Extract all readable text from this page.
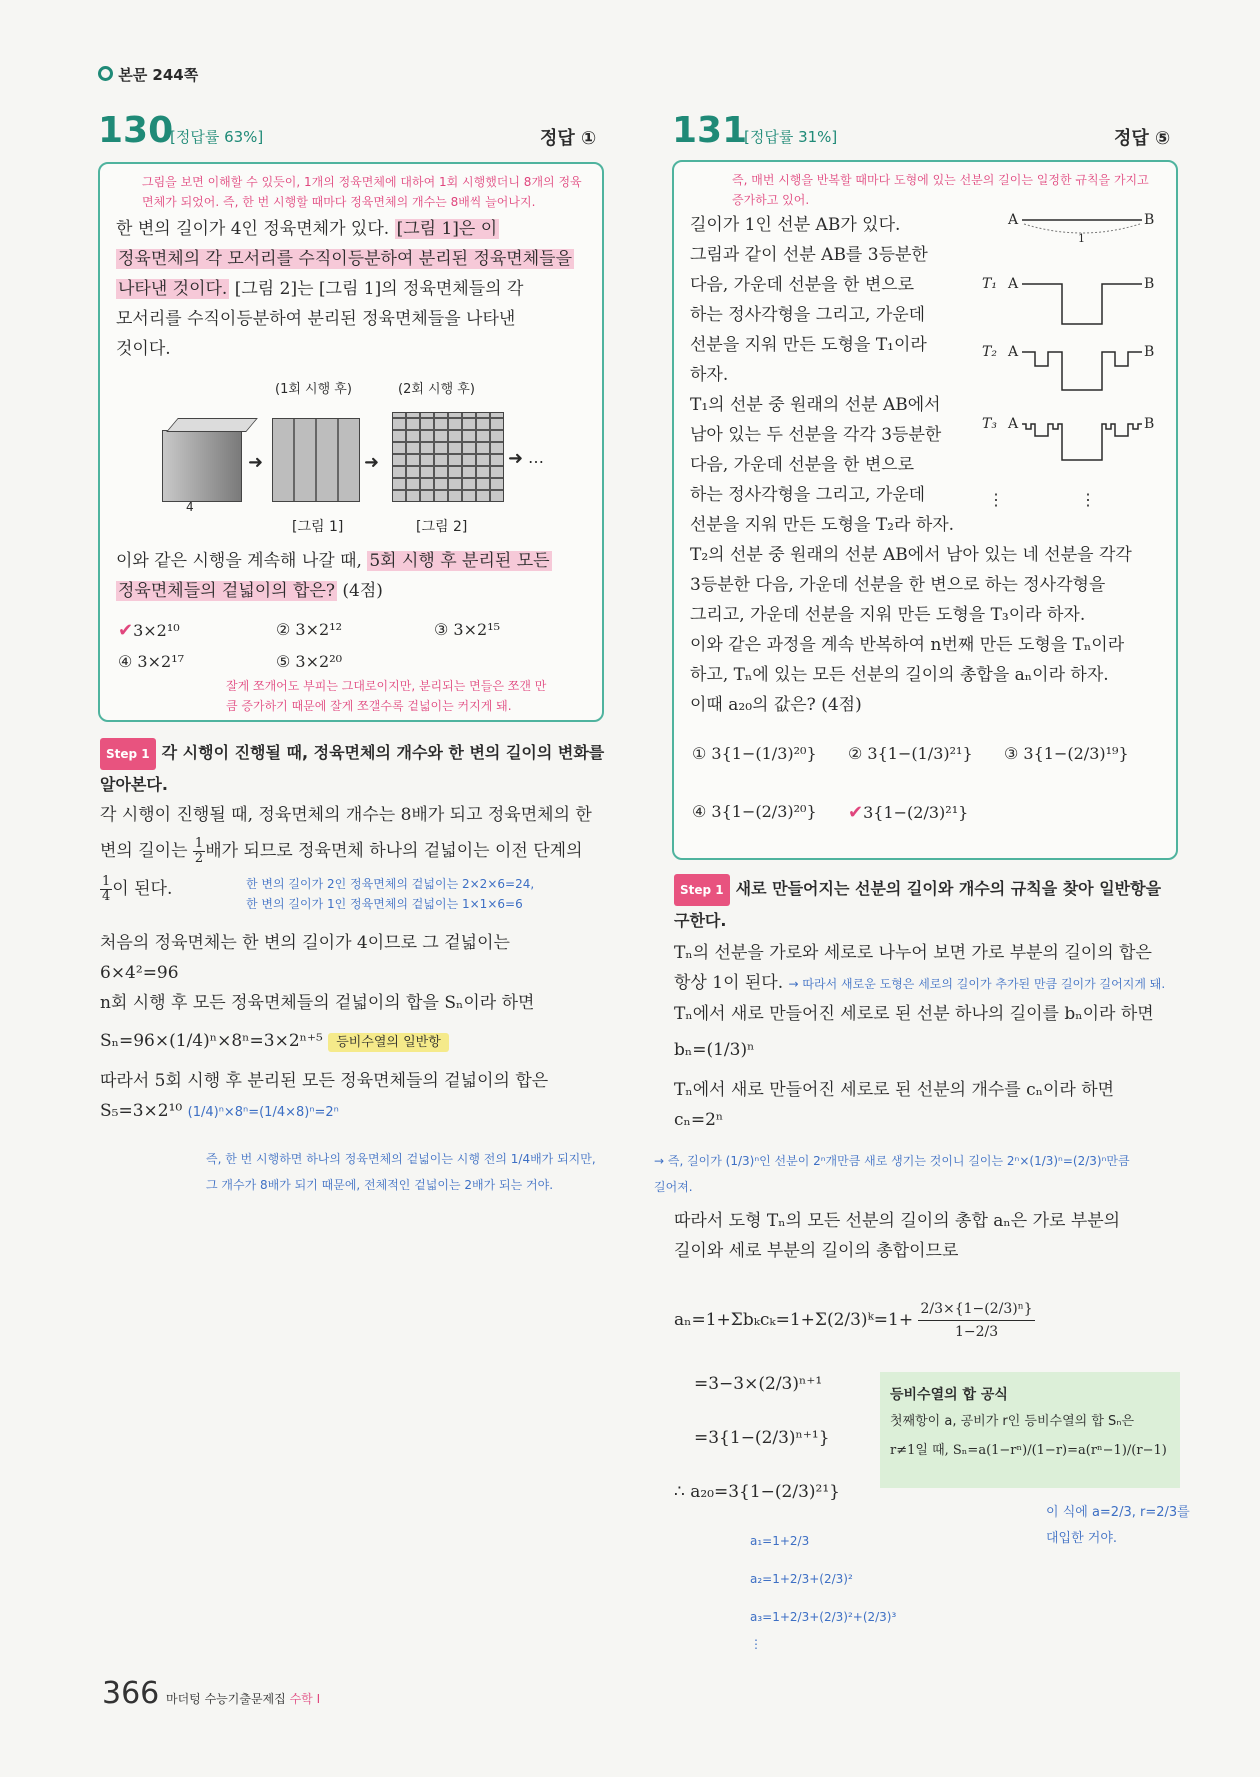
본문 244쪽
130
[정답률 63%]	정답 ①
그림을 보면 이해할 수 있듯이, 1개의 정육면체에 대하여 1회 시행했더니 8개의 정육면체가 되었어. 즉, 한 번 시행할 때마다 정육면체의 개수는 8배씩 늘어나지.
한 변의 길이가 4인 정육면체가 있다. [그림 1]은 이
정육면체의 각 모서리를 수직이등분하여 분리된 정육면체들을
나타낸 것이다. [그림 2]는 [그림 1]의 정육면체들의 각
모서리를 수직이등분하여 분리된 정육면체들을 나타낸
것이다.
(1회 시행 후)	(2회 시행 후)
4
➜	➜	➜ …
[그림 1]	[그림 2]
이와 같은 시행을 계속해 나갈 때, 5회 시행 후 분리된 모든
정육면체들의 겉넓이의 합은? (4점)
✔3×2¹⁰	② 3×2¹²	③ 3×2¹⁵
④ 3×2¹⁷	⑤ 3×2²⁰
잘게 쪼개어도 부피는 그대로이지만, 분리되는 면들은 쪼갠 만큼 증가하기 때문에 잘게 쪼갤수록 겉넓이는 커지게 돼.
Step 1 각 시행이 진행될 때, 정육면체의 개수와 한 변의 길이의 변화를 알아본다.
각 시행이 진행될 때, 정육면체의 개수는 8배가 되고 정육면체의 한
변의 길이는 $\frac{1}{2}$ 배가 되므로 정육면체 하나의 겉넓이는 이전 단계의
$\frac{1}{4}$ 이 된다.	한 변의 길이가 2인 정육면체의 겉넓이는 2×2×6=24,
한 변의 길이가 1인 정육면체의 겉넓이는 1×1×6=6
처음의 정육면체는 한 변의 길이가 4이므로 그 겉넓이는
6×4²=96
n회 시행 후 모든 정육면체들의 겉넓이의 합을 Sₙ이라 하면
Sₙ=96×(1/4)ⁿ×8ⁿ=3×2ⁿ⁺⁵ 등비수열의 일반항
따라서 5회 시행 후 분리된 모든 정육면체들의 겉넓이의 합은
S₅=3×2¹⁰ (1/4)ⁿ×8ⁿ=(1/4×8)ⁿ=2ⁿ
즉, 한 번 시행하면 하나의 정육면체의 겉넓이는 시행 전의 1/4배가 되지만,
그 개수가 8배가 되기 때문에, 전체적인 겉넓이는 2배가 되는 거야.
131
[정답률 31%]	정답 ⑤
즉, 매번 시행을 반복할 때마다 도형에 있는 선분의 길이는 일정한 규칙을 가지고 증가하고 있어.
길이가 1인 선분 AB가 있다.
그림과 같이 선분 AB를 3등분한
다음, 가운데 선분을 한 변으로
하는 정사각형을 그리고, 가운데
선분을 지워 만든 도형을 T₁이라
하자.
T₁의 선분 중 원래의 선분 AB에서
남아 있는 두 선분을 각각 3등분한
다음, 가운데 선분을 한 변으로
하는 정사각형을 그리고, 가운데
선분을 지워 만든 도형을 T₂라 하자.
A	B
1
T₁ A	B
T₂ A	B
T₃ A	B
⋮	⋮
T₂의 선분 중 원래의 선분 AB에서 남아 있는 네 선분을 각각
3등분한 다음, 가운데 선분을 한 변으로 하는 정사각형을
그리고, 가운데 선분을 지워 만든 도형을 T₃이라 하자.
이와 같은 과정을 계속 반복하여 n번째 만든 도형을 Tₙ이라
하고, Tₙ에 있는 모든 선분의 길이의 총합을 aₙ이라 하자.
이때 a₂₀의 값은? (4점)
① 3{1−(1/3)²⁰} ② 3{1−(1/3)²¹} ③ 3{1−(2/3)¹⁹}
④ 3{1−(2/3)²⁰} ✔3{1−(2/3)²¹}
Step 1 새로 만들어지는 선분의 길이와 개수의 규칙을 찾아 일반항을 구한다.
Tₙ의 선분을 가로와 세로로 나누어 보면 가로 부분의 길이의 합은
항상 1이 된다. → 따라서 새로운 도형은 세로의 길이가 추가된 만큼 길이가 길어지게 돼.
Tₙ에서 새로 만들어진 세로로 된 선분 하나의 길이를 bₙ이라 하면
bₙ=(1/3)ⁿ
Tₙ에서 새로 만들어진 세로로 된 선분의 개수를 cₙ이라 하면
cₙ=2ⁿ
→ 즉, 길이가 (1/3)ⁿ인 선분이 2ⁿ개만큼 새로 생기는 것이니 길이는 2ⁿ×(1/3)ⁿ=(2/3)ⁿ만큼
길어져.
따라서 도형 Tₙ의 모든 선분의 길이의 총합 aₙ은 가로 부분의
길이와 세로 부분의 길이의 총합이므로
aₙ=1+Σbₖcₖ=1+Σ(2/3)ᵏ=1+ $\frac{\text{2/3×\{1−(2/3)ⁿ\}}}{1-2/3}$
=3−3×(2/3)ⁿ⁺¹
=3{1−(2/3)ⁿ⁺¹}
∴ a₂₀=3{1−(2/3)²¹}
등비수열의 합 공식
첫째항이 a, 공비가 r인 등비수열의 합 Sₙ은
r≠1일 때, Sₙ=a(1−rⁿ)/(1−r)=a(rⁿ−1)/(r−1)
이 식에 a=2/3, r=2/3를
대입한 거야.
a₁=1+2/3
a₂=1+2/3+(2/3)²
a₃=1+2/3+(2/3)²+(2/3)³
⋮
366 마더텅 수능기출문제집 수학 I
